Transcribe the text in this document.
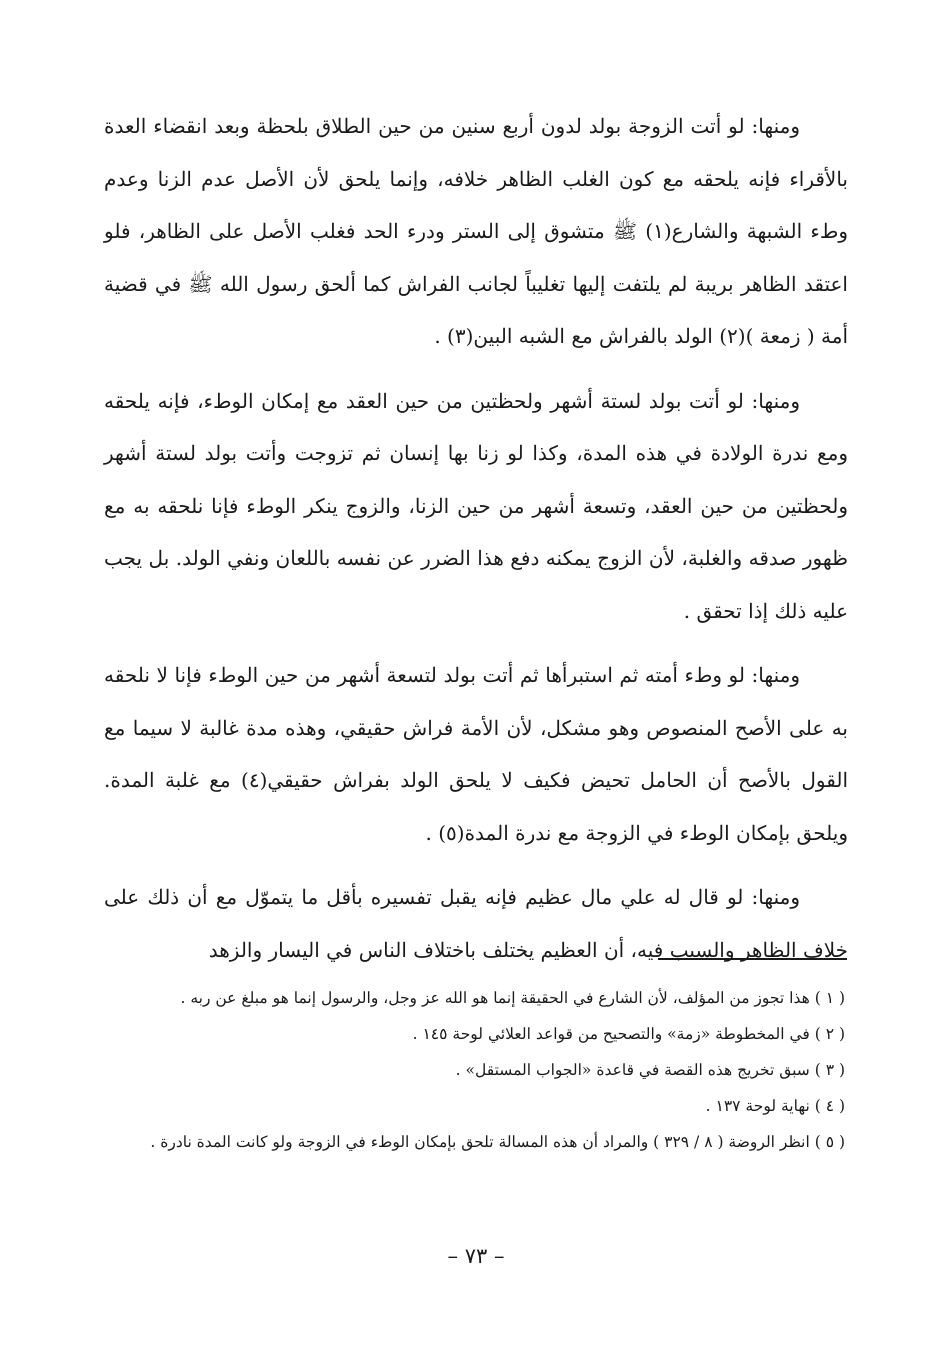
ومنها: لو أتت الزوجة بولد لدون أربع سنين من حين الطلاق بلحظة وبعد انقضاء العدة بالأقراء فإنه يلحقه مع كون الغلب الظاهر خلافه، وإنما يلحق لأن الأصل عدم الزنا وعدم وطء الشبهة والشارع(١) ﷺ متشوق إلى الستر ودرء الحد فغلب الأصل على الظاهر، فلو اعتقد الظاهر بريبة لم يلتفت إليها تغليباً لجانب الفراش كما ألحق رسول الله ﷺ في قضية أمة ( زمعة )(٢) الولد بالفراش مع الشبه البين(٣) .

ومنها: لو أتت بولد لستة أشهر ولحظتين من حين العقد مع إمكان الوطء، فإنه يلحقه ومع ندرة الولادة في هذه المدة، وكذا لو زنا بها إنسان ثم تزوجت وأتت بولد لستة أشهر ولحظتين من حين العقد، وتسعة أشهر من حين الزنا، والزوج ينكر الوطء فإنا نلحقه به مع ظهور صدقه والغلبة، لأن الزوج يمكنه دفع هذا الضرر عن نفسه باللعان ونفي الولد. بل يجب عليه ذلك إذا تحقق .

ومنها: لو وطء أمته ثم استبرأها ثم أتت بولد لتسعة أشهر من حين الوطء فإنا لا نلحقه به على الأصح المنصوص وهو مشكل، لأن الأمة فراش حقيقي، وهذه مدة غالبة لا سيما مع القول بالأصح أن الحامل تحيض فكيف لا يلحق الولد بفراش حقيقي(٤) مع غلبة المدة. ويلحق بإمكان الوطء في الزوجة مع ندرة المدة(٥) .

ومنها: لو قال له علي مال عظيم فإنه يقبل تفسيره بأقل ما يتموّل مع أن ذلك على خلاف الظاهر والسبب فيه، أن العظيم يختلف باختلاف الناس في اليسار والزهد

( ١ ) هذا تجوز من المؤلف، لأن الشارع في الحقيقة إنما هو الله عز وجل، والرسول إنما هو مبلغ عن ربه .
( ٢ ) في المخطوطة «زمة» والتصحيح من قواعد العلائي لوحة ١٤٥ .
( ٣ ) سبق تخريج هذه القصة في قاعدة «الجواب المستقل» .
( ٤ ) نهاية لوحة ١٣٧ .
( ٥ ) انظر الروضة ( ٨ / ٣٢٩ ) والمراد أن هذه المسالة تلحق بإمكان الوطء في الزوجة ولو كانت المدة نادرة .
– ٧٣ –
